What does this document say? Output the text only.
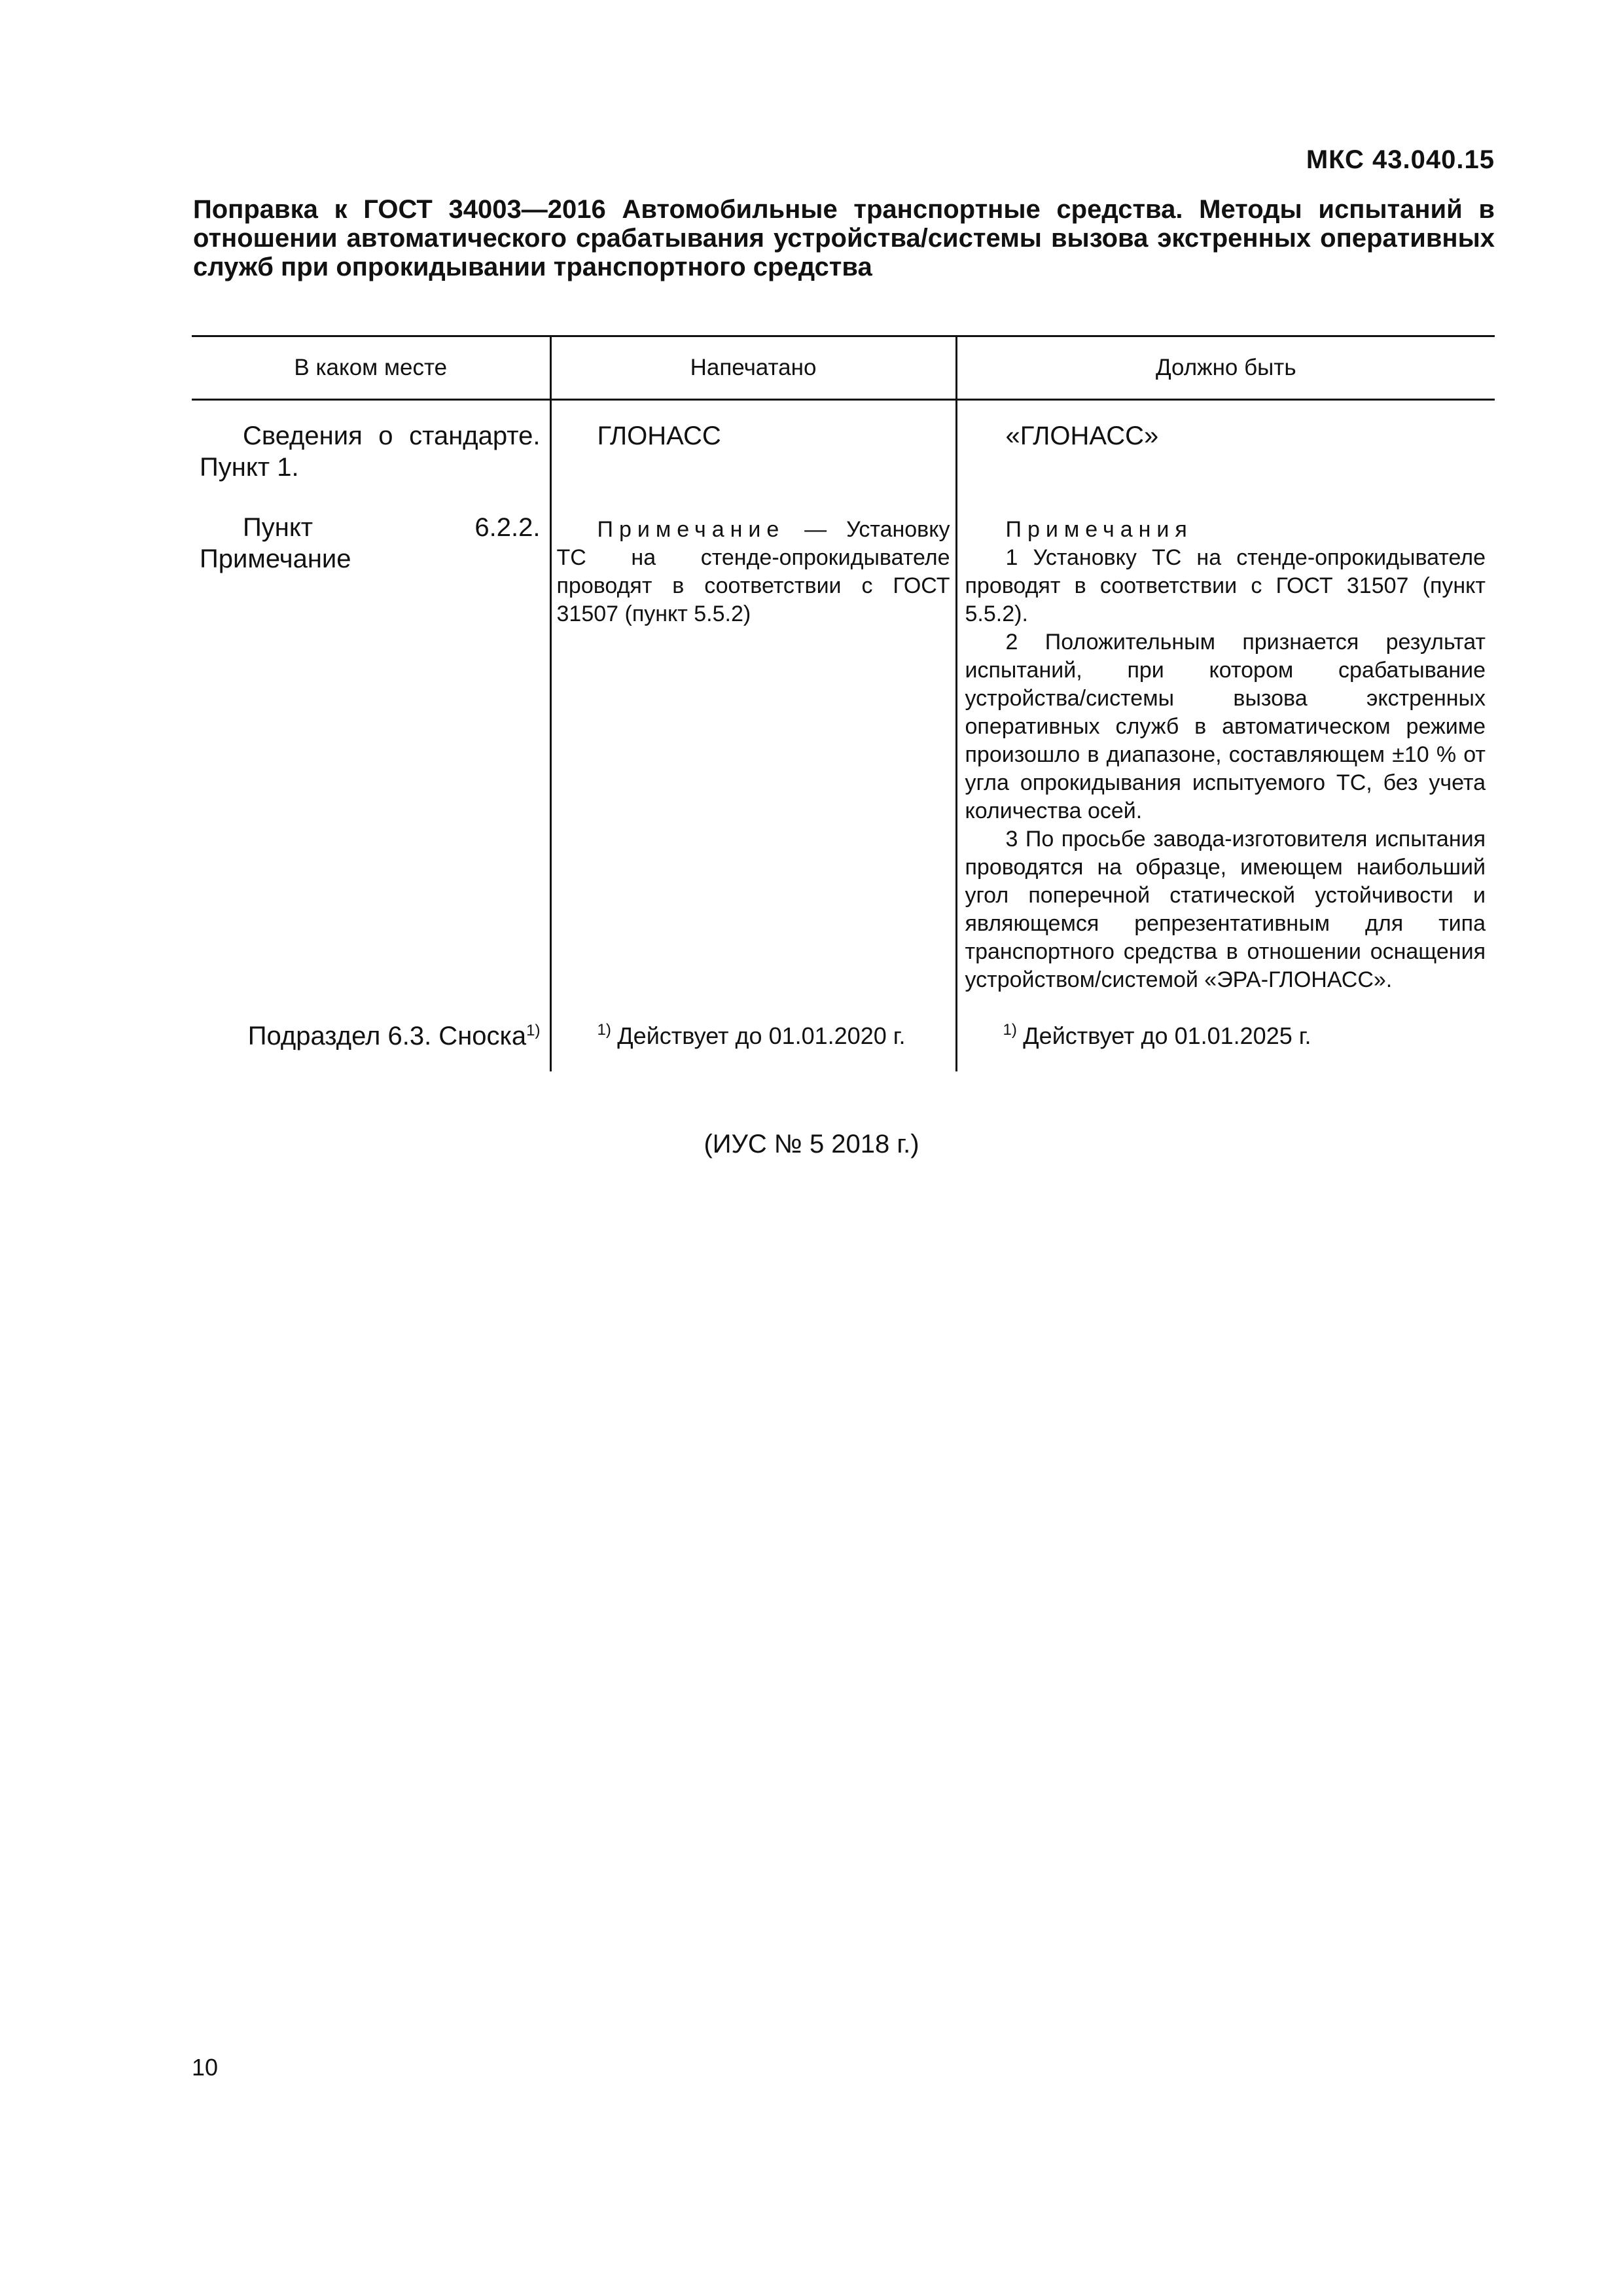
МКС 43.040.15
Поправка к ГОСТ 34003—2016 Автомобильные транспортные средства. Методы испытаний в отношении автоматического срабатывания устройства/системы вызова экстренных оперативных служб при опрокидывании транспортного средства
В каком месте	Напечатано	Должно быть

Сведения о стандарте. Пункт 1.	ГЛОНАСС	«ГЛОНАСС»

Пункт 6.2.2. Примечание	Примечание — Установку ТС на стенде-опрокидывателе проводят в соответствии с ГОСТ 31507 (пункт 5.5.2)	Примечания
1 Установку ТС на стенде-опрокидывателе проводят в соответствии с ГОСТ 31507 (пункт 5.5.2).
2 Положительным признается результат испытаний, при котором срабатывание устройства/системы вызова экстренных оперативных служб в автоматическом режиме произошло в диапазоне, составляющем ±10 % от угла опрокидывания испытуемого ТС, без учета количества осей.
3 По просьбе завода-изготовителя испытания проводятся на образце, имеющем наибольший угол поперечной статической устойчивости и являющемся репрезентативным для типа транспортного средства в отношении оснащения устройством/системой «ЭРА-ГЛОНАСС».

Подраздел 6.3. Сноска$^{1)}$	$^{1)}$ Действует до 01.01.2020 г.	$^{1)}$ Действует до 01.01.2025 г.
(ИУС № 5 2018 г.)
10
